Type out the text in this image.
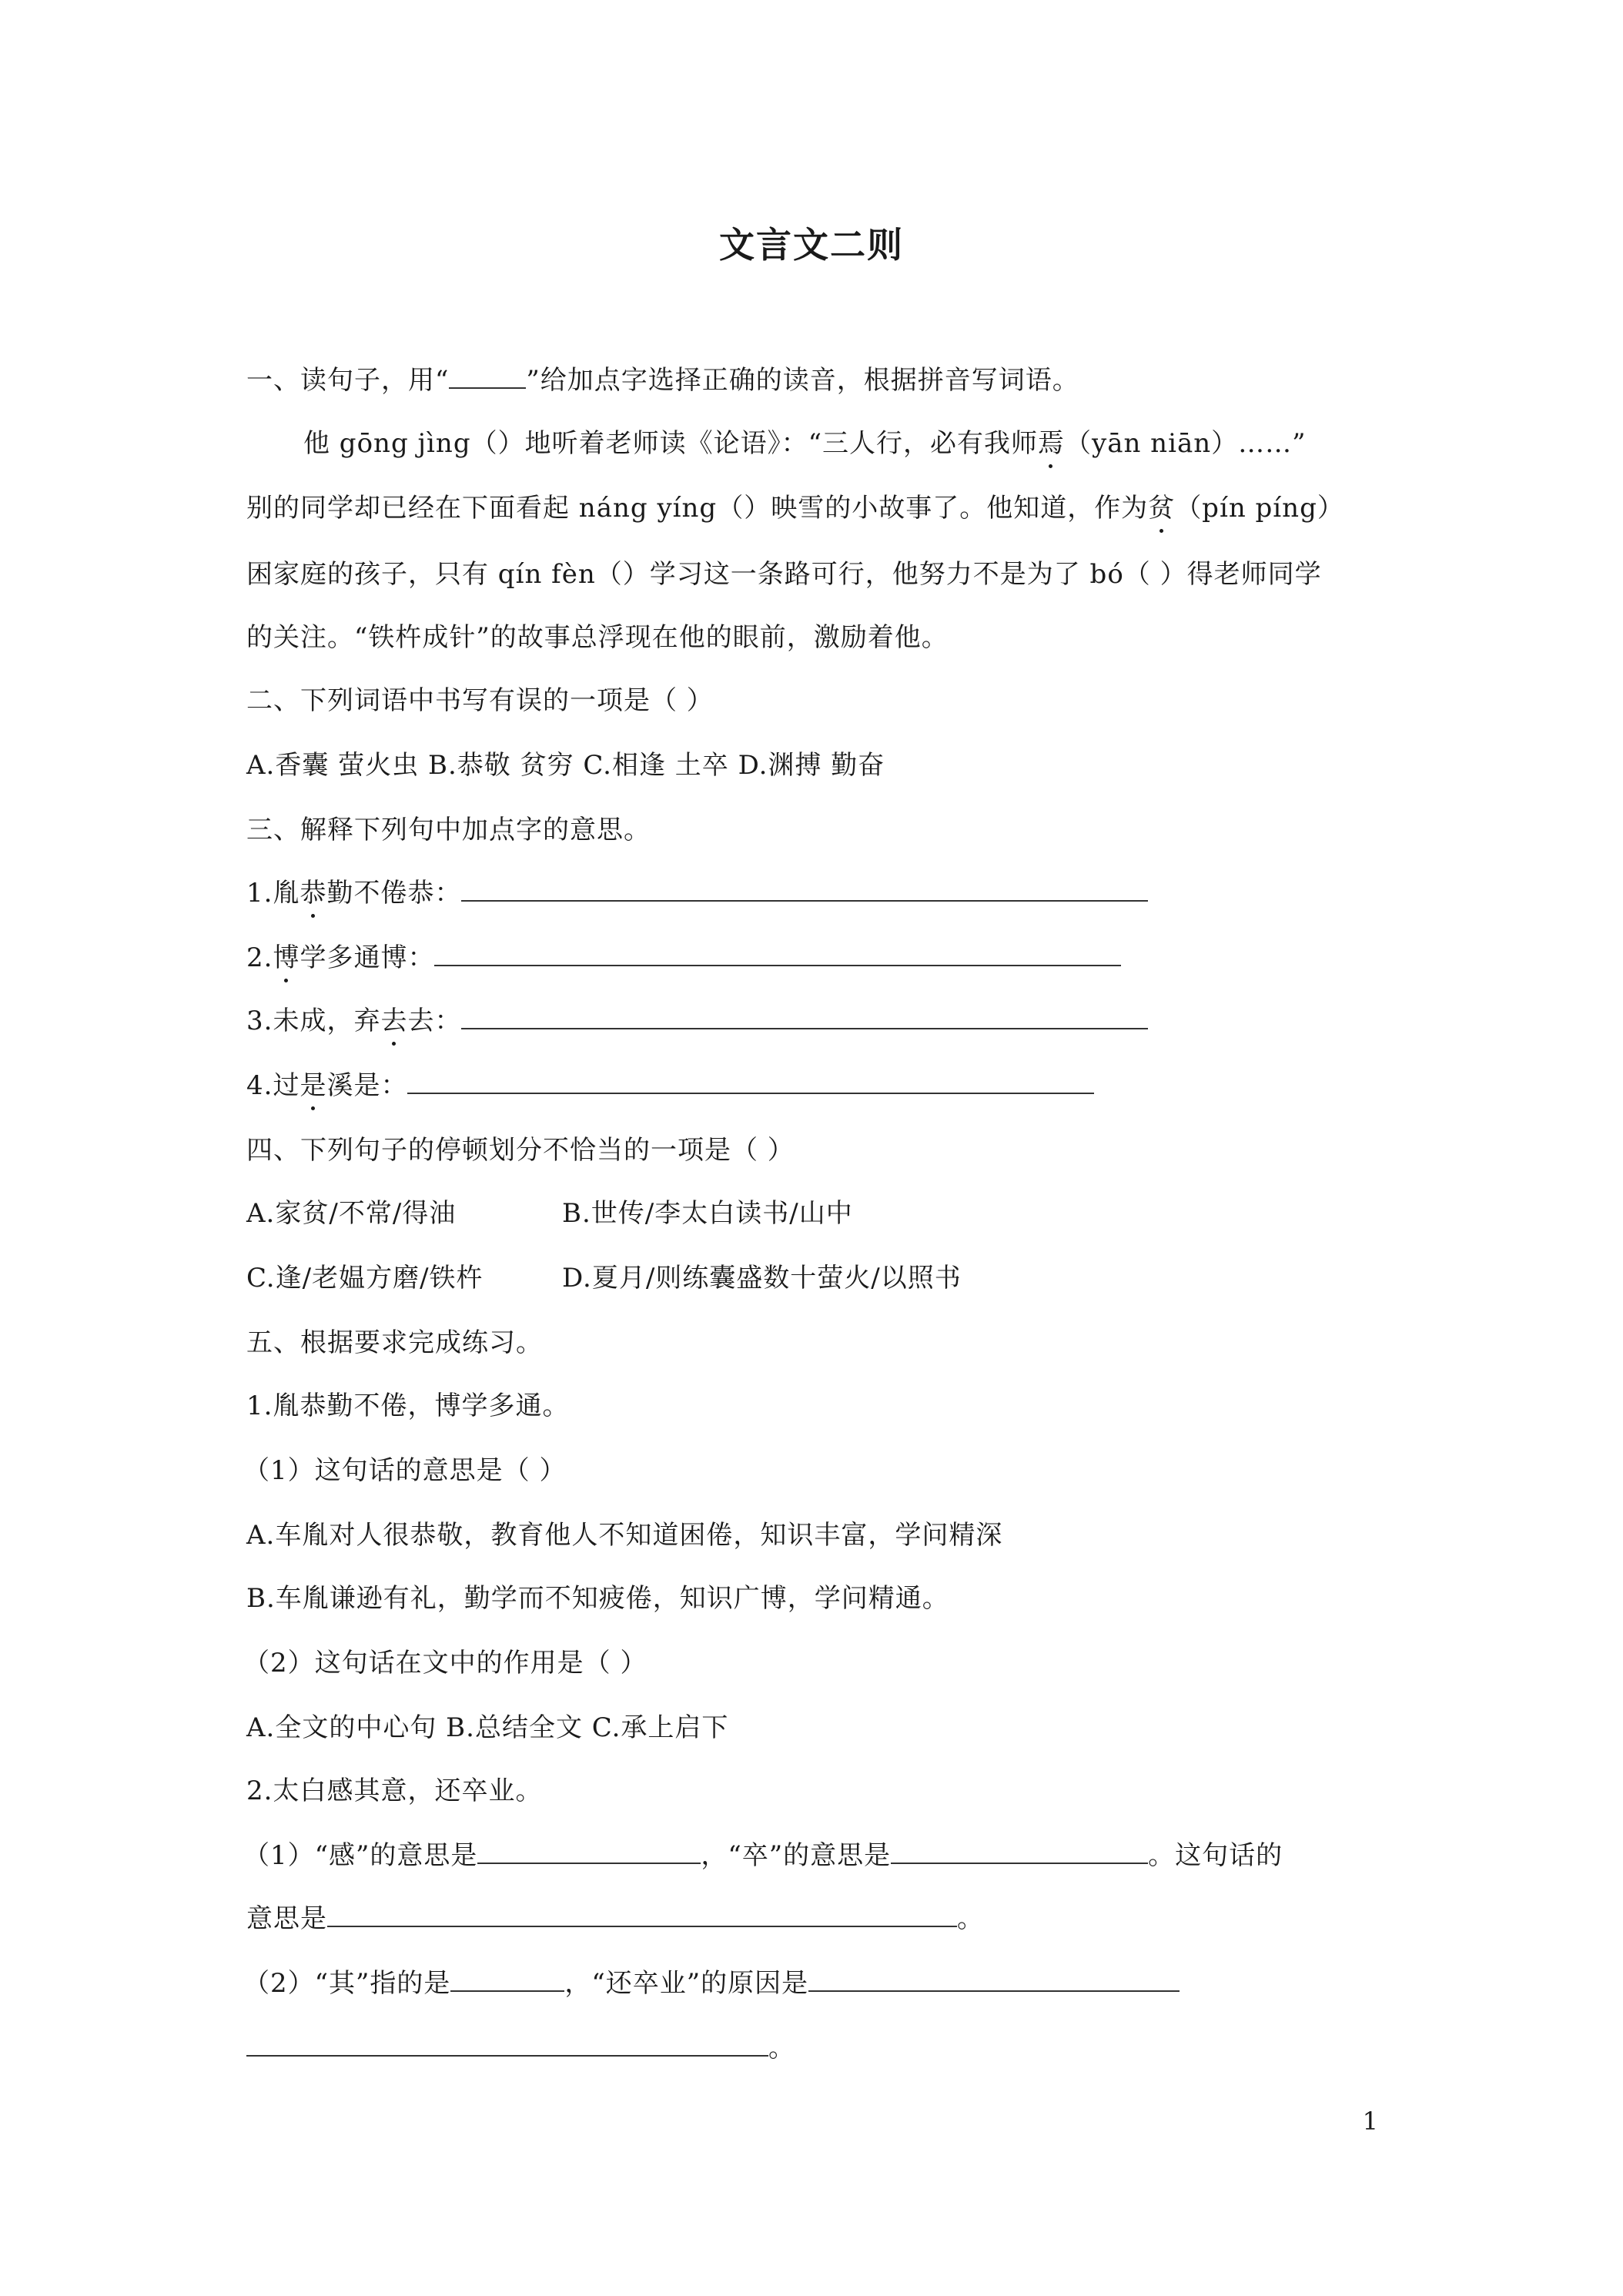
文言文二则
一、读句子，用“	”给加点字选择正确的读音，根据拼音写词语。
他 gōng jìng（）地听着老师读《论语》：“三人行，必有我师焉（yān niān）……”
别的同学却已经在下面看起 náng yíng（）映雪的小故事了。他知道，作为贫（pín píng）
困家庭的孩子，只有 qín fèn（）学习这一条路可行，他努力不是为了 bó（ ）得老师同学
的关注。“铁杵成针”的故事总浮现在他的眼前，激励着他。
二、下列词语中书写有误的一项是（ ）
A.香囊 萤火虫 B.恭敬 贫穷 C.相逢 土卒 D.渊搏 勤奋
三、解释下列句中加点字的意思。
1.胤恭勤不倦恭：
2.博学多通博：
3.未成，弃去去：
4.过是溪是：
四、下列句子的停顿划分不恰当的一项是（ ）
A.家贫/不常/得油	B.世传/李太白读书/山中
C.逢/老媪方磨/铁杵	D.夏月/则练囊盛数十萤火/以照书
五、根据要求完成练习。
1.胤恭勤不倦，博学多通。
（1）这句话的意思是（ ）
A.车胤对人很恭敬，教育他人不知道困倦，知识丰富，学问精深
B.车胤谦逊有礼，勤学而不知疲倦，知识广博，学问精通。
（2）这句话在文中的作用是（ ）
A.全文的中心句 B.总结全文 C.承上启下
2.太白感其意，还卒业。
（1）“感”的意思是	，“卒”的意思是	。这句话的
意思是	。
（2）“其”指的是	，“还卒业”的原因是
。
1
